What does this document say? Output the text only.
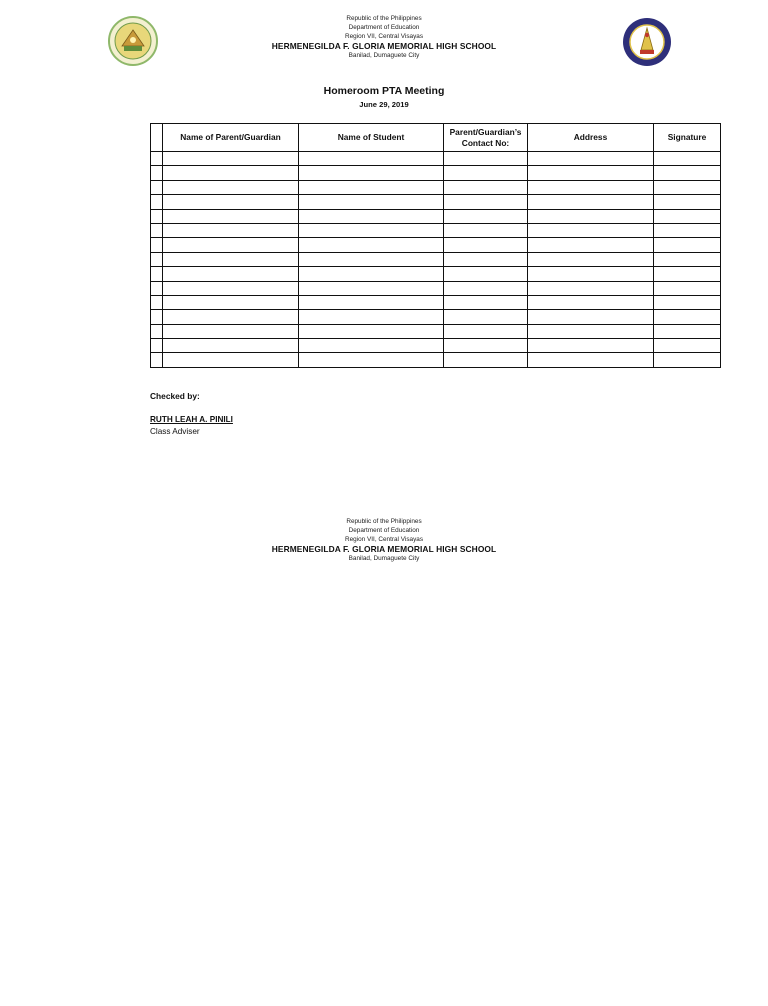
Republic of the Philippines
Department of Education
Region VII, Central Visayas
HERMENEGILDA F. GLORIA MEMORIAL HIGH SCHOOL
Banilad, Dumaguete City
Homeroom PTA Meeting
June 29, 2019
	Name of Parent/Guardian	Name of Student	Parent/Guardian’s Contact No:	Address	Signature

Checked by:
RUTH LEAH A. PINILI
Class Adviser
Republic of the Philippines
Department of Education
Region VII, Central Visayas
HERMENEGILDA F. GLORIA MEMORIAL HIGH SCHOOL
Banilad, Dumaguete City
